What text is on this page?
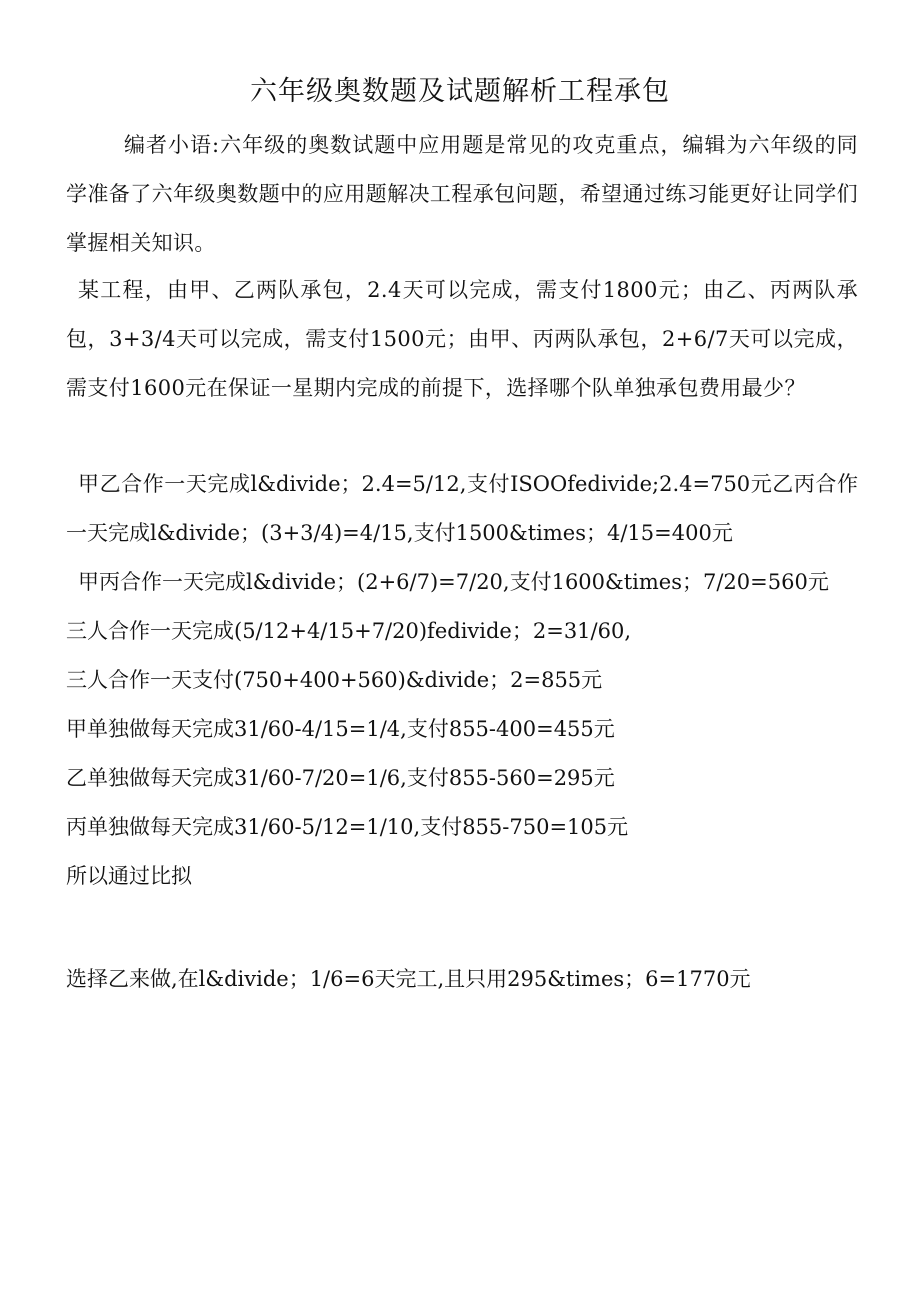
六年级奥数题及试题解析工程承包

编者小语:六年级的奥数试题中应用题是常见的攻克重点，编辑为六年级的同学准备了六年级奥数题中的应用题解决工程承包问题，希望通过练习能更好让同学们掌握相关知识。

某工程，由甲、乙两队承包，2.4天可以完成，需支付1800元；由乙、丙两队承包，3+3/4天可以完成，需支付1500元；由甲、丙两队承包，2+6/7天可以完成，需支付1600元在保证一星期内完成的前提下，选择哪个队单独承包费用最少？

甲乙合作一天完成l&divide；2.4=5/12,支付ISOOfedivide;2.4=750元乙丙合作一天完成l&divide；(3+3/4)=4/15,支付1500&times；4/15=400元

甲丙合作一天完成l&divide；(2+6/7)=7/20,支付1600&times；7/20=560元

三人合作一天完成(5/12+4/15+7/20)fedivide；2=31/60,

三人合作一天支付(750+400+560)&divide；2=855元

甲单独做每天完成31/60-4/15=1/4,支付855-400=455元

乙单独做每天完成31/60-7/20=1/6,支付855-560=295元

丙单独做每天完成31/60-5/12=1/10,支付855-750=105元

所以通过比拟

选择乙来做,在l&divide；1/6=6天完工,且只用295&times；6=1770元
